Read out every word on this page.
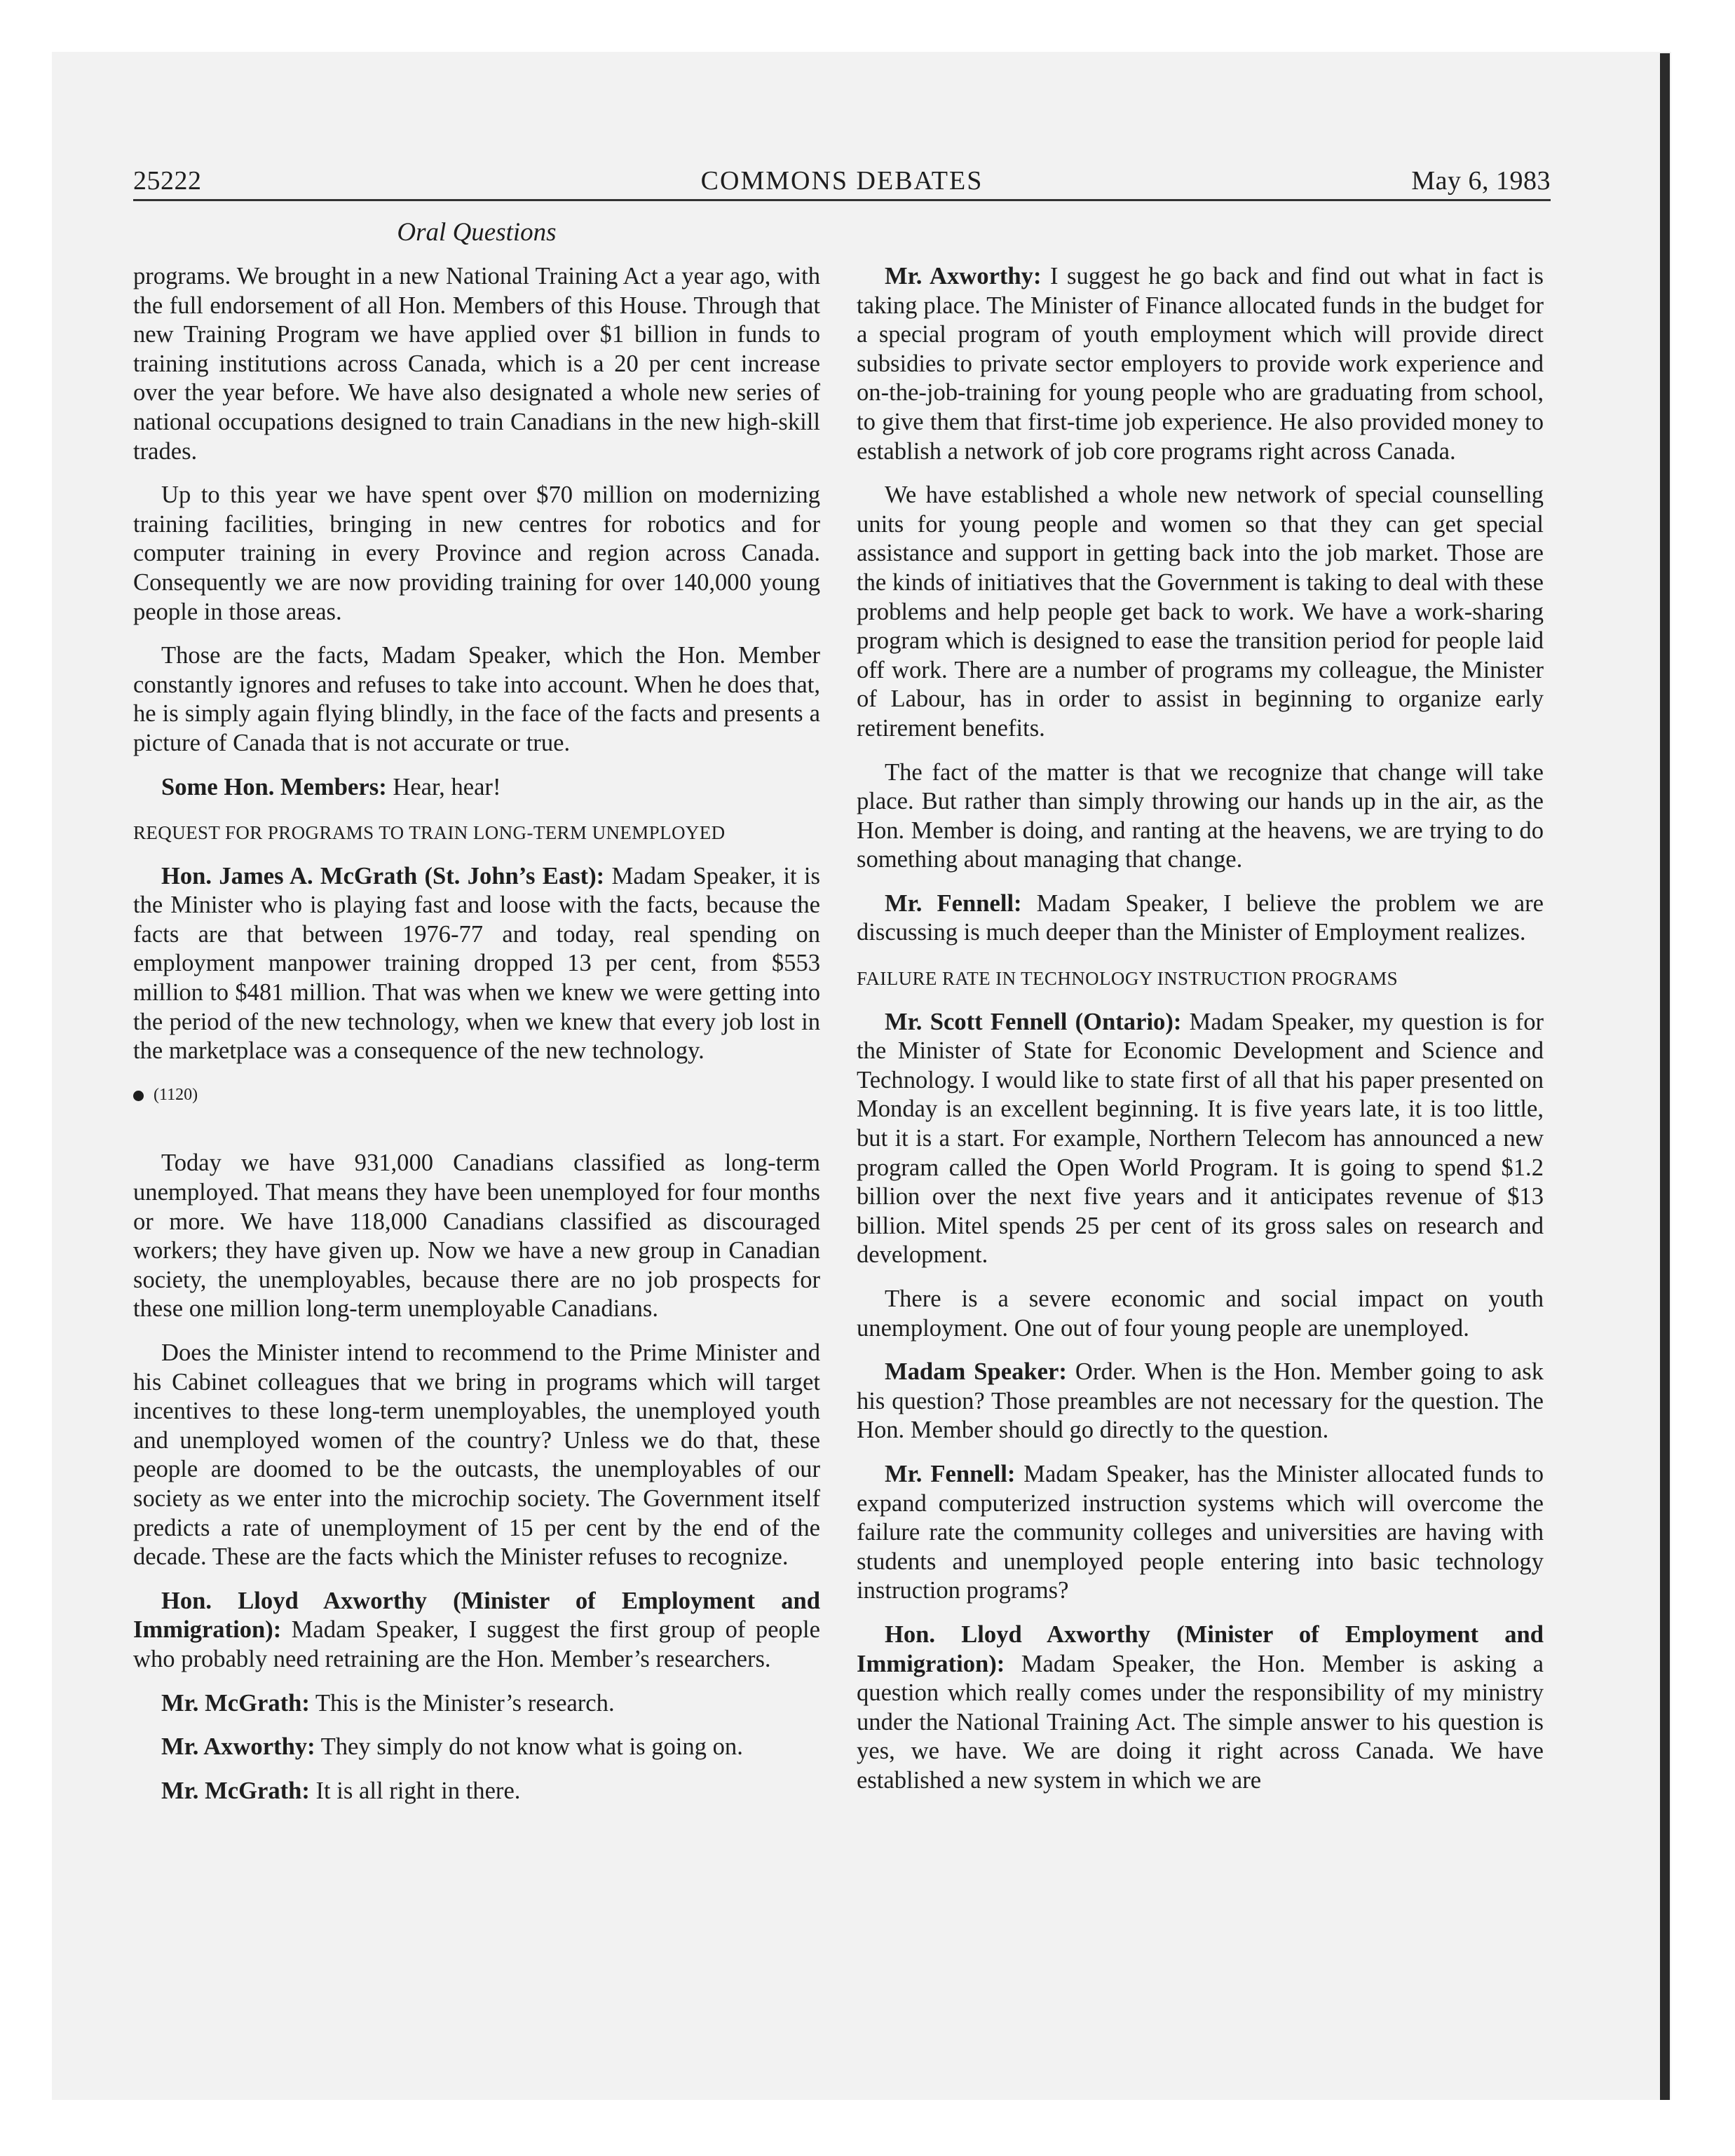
25222	COMMONS DEBATES	May 6, 1983
Oral Questions

programs. We brought in a new National Training Act a year ago, with the full endorsement of all Hon. Members of this House. Through that new Training Program we have applied over $1 billion in funds to training institutions across Canada, which is a 20 per cent increase over the year before. We have also designated a whole new series of national occupations designed to train Canadians in the new high-skill trades.

Up to this year we have spent over $70 million on modernizing training facilities, bringing in new centres for robotics and for computer training in every Province and region across Canada. Consequently we are now providing training for over 140,000 young people in those areas.

Those are the facts, Madam Speaker, which the Hon. Member constantly ignores and refuses to take into account. When he does that, he is simply again flying blindly, in the face of the facts and presents a picture of Canada that is not accurate or true.

Some Hon. Members: Hear, hear!

REQUEST FOR PROGRAMS TO TRAIN LONG-TERM UNEMPLOYED

Hon. James A. McGrath (St. John’s East): Madam Speaker, it is the Minister who is playing fast and loose with the facts, because the facts are that between 1976-77 and today, real spending on employment manpower training dropped 13 per cent, from $553 million to $481 million. That was when we knew we were getting into the period of the new technology, when we knew that every job lost in the marketplace was a consequence of the new technology.

(1120)

Today we have 931,000 Canadians classified as long-term unemployed. That means they have been unemployed for four months or more. We have 118,000 Canadians classified as discouraged workers; they have given up. Now we have a new group in Canadian society, the unemployables, because there are no job prospects for these one million long-term unemployable Canadians.

Does the Minister intend to recommend to the Prime Minister and his Cabinet colleagues that we bring in programs which will target incentives to these long-term unemployables, the unemployed youth and unemployed women of the country? Unless we do that, these people are doomed to be the outcasts, the unemployables of our society as we enter into the microchip society. The Government itself predicts a rate of unemployment of 15 per cent by the end of the decade. These are the facts which the Minister refuses to recognize.

Hon. Lloyd Axworthy (Minister of Employment and Immigration): Madam Speaker, I suggest the first group of people who probably need retraining are the Hon. Member’s researchers.

Mr. McGrath: This is the Minister’s research.

Mr. Axworthy: They simply do not know what is going on.

Mr. McGrath: It is all right in there.

Mr. Axworthy: I suggest he go back and find out what in fact is taking place. The Minister of Finance allocated funds in the budget for a special program of youth employment which will provide direct subsidies to private sector employers to provide work experience and on-the-job-training for young people who are graduating from school, to give them that first-time job experience. He also provided money to establish a network of job core programs right across Canada.

We have established a whole new network of special counselling units for young people and women so that they can get special assistance and support in getting back into the job market. Those are the kinds of initiatives that the Government is taking to deal with these problems and help people get back to work. We have a work-sharing program which is designed to ease the transition period for people laid off work. There are a number of programs my colleague, the Minister of Labour, has in order to assist in beginning to organize early retirement benefits.

The fact of the matter is that we recognize that change will take place. But rather than simply throwing our hands up in the air, as the Hon. Member is doing, and ranting at the heavens, we are trying to do something about managing that change.

Mr. Fennell: Madam Speaker, I believe the problem we are discussing is much deeper than the Minister of Employment realizes.

FAILURE RATE IN TECHNOLOGY INSTRUCTION PROGRAMS

Mr. Scott Fennell (Ontario): Madam Speaker, my question is for the Minister of State for Economic Development and Science and Technology. I would like to state first of all that his paper presented on Monday is an excellent beginning. It is five years late, it is too little, but it is a start. For example, Northern Telecom has announced a new program called the Open World Program. It is going to spend $1.2 billion over the next five years and it anticipates revenue of $13 billion. Mitel spends 25 per cent of its gross sales on research and development.

There is a severe economic and social impact on youth unemployment. One out of four young people are unemployed.

Madam Speaker: Order. When is the Hon. Member going to ask his question? Those preambles are not necessary for the question. The Hon. Member should go directly to the question.

Mr. Fennell: Madam Speaker, has the Minister allocated funds to expand computerized instruction systems which will overcome the failure rate the community colleges and universities are having with students and unemployed people entering into basic technology instruction programs?

Hon. Lloyd Axworthy (Minister of Employment and Immigration): Madam Speaker, the Hon. Member is asking a question which really comes under the responsibility of my ministry under the National Training Act. The simple answer to his question is yes, we have. We are doing it right across Canada. We have established a new system in which we are
